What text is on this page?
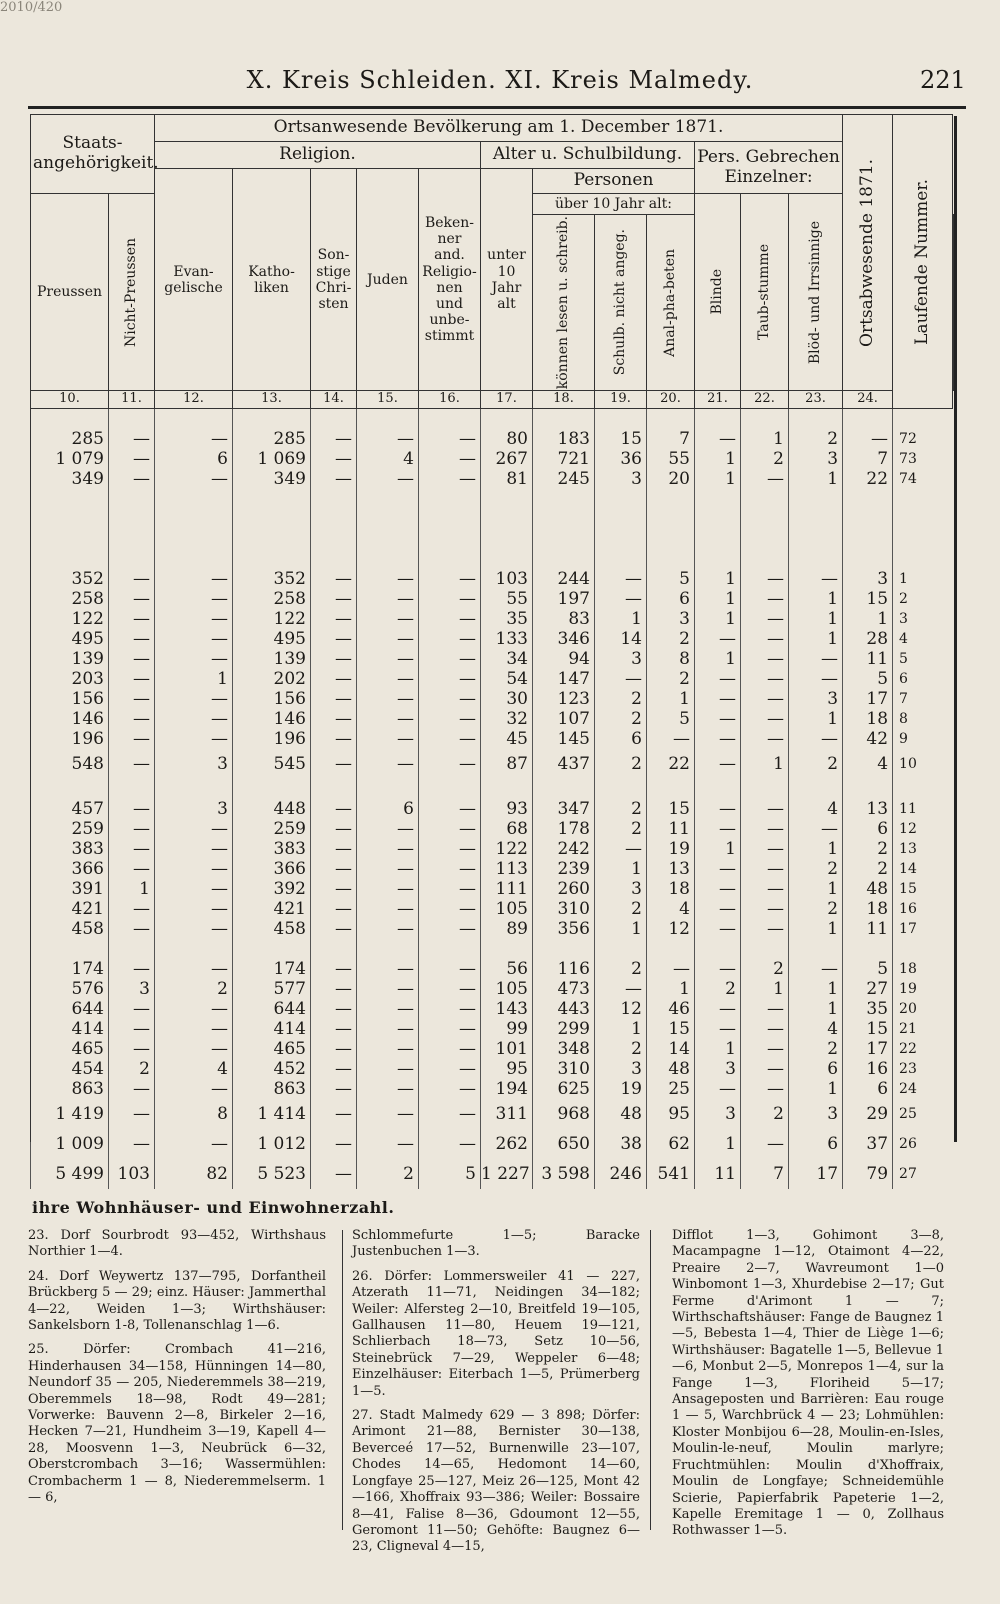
2010/420
X. Kreis Schleiden. XI. Kreis Malmedy.	221
Staats-angehörigkeit.		Ortsanwesende Bevölkerung am 1. December 1871.												Ortsabwesende 1871.	Laufende Nummer.	

		Religion.					Alter u. Schulbildung.				Pers. Gebrechen Einzelner:					
		Evan-gelische	Katho-liken	Son-stige Chri-sten	Juden	Beken-ner and. Religio-nen und unbe-stimmt	unter 10 Jahr alt	Personen								
Preussen	Nicht-Preussen							über 10 Jahr alt:			Blinde	Taub-stumme	Blöd- und Irrsinnige			

								können lesen u. schreib.	Schulb. nicht angeg.	Anal-pha-beten						

10.	11.	12.	13.	14.	15.	16.	17.	18.	19.	20.	21.	22.	23.	24.		

285	—	—	285	—	—	—	80	183	15	7	—	1	2	—	72	
1 079	—	6	1 069	—	4	—	267	721	36	55	1	2	3	7	73	
349	—	—	349	—	—	—	81	245	3	20	1	—	1	22	74	

352	—	—	352	—	—	—	103	244	—	5	1	—	—	3	1	
258	—	—	258	—	—	—	55	197	—	6	1	—	1	15	2	
122	—	—	122	—	—	—	35	83	1	3	1	—	1	1	3	
495	—	—	495	—	—	—	133	346	14	2	—	—	1	28	4	
139	—	—	139	—	—	—	34	94	3	8	1	—	—	11	5	
203	—	1	202	—	—	—	54	147	—	2	—	—	—	5	6	
156	—	—	156	—	—	—	30	123	2	1	—	—	3	17	7	
146	—	—	146	—	—	—	32	107	2	5	—	—	1	18	8	
196	—	—	196	—	—	—	45	145	6	—	—	—	—	42	9	
548	—	3	545	—	—	—	87	437	2	22	—	1	2	4	10	

457	—	3	448	—	6	—	93	347	2	15	—	—	4	13	11	
259	—	—	259	—	—	—	68	178	2	11	—	—	—	6	12	
383	—	—	383	—	—	—	122	242	—	19	1	—	1	2	13	
366	—	—	366	—	—	—	113	239	1	13	—	—	2	2	14	
391	1	—	392	—	—	—	111	260	3	18	—	—	1	48	15	
421	—	—	421	—	—	—	105	310	2	4	—	—	2	18	16	
458	—	—	458	—	—	—	89	356	1	12	—	—	1	11	17	

174	—	—	174	—	—	—	56	116	2	—	—	2	—	5	18	
576	3	2	577	—	—	—	105	473	—	1	2	1	1	27	19	
644	—	—	644	—	—	—	143	443	12	46	—	—	1	35	20	
414	—	—	414	—	—	—	99	299	1	15	—	—	4	15	21	
465	—	—	465	—	—	—	101	348	2	14	1	—	2	17	22	
454	2	4	452	—	—	—	95	310	3	48	3	—	6	16	23	
863	—	—	863	—	—	—	194	625	19	25	—	—	1	6	24	
1 419	—	8	1 414	—	—	—	311	968	48	95	3	2	3	29	25	
1 009	—	—	1 012	—	—	—	262	650	38	62	1	—	6	37	26	
5 499	103	82	5 523	—	2	5	1 227	3 598	246	541	11	7	17	79	27	
ihre Wohnhäuser- und Einwohnerzahl.

23. Dorf Sourbrodt 93—452, Wirthshaus Northier 1—4.

24. Dorf Weywertz 137—795, Dorfantheil Brückberg 5 — 29; einz. Häuser: Jammerthal 4—22, Weiden 1—3; Wirthshäuser: Sankelsborn 1-8, Tollenanschlag 1—6.

25. Dörfer: Crombach 41—216, Hinderhausen 34—158, Hünningen 14—80, Neundorf 35 — 205, Niederemmels 38—219, Oberemmels 18—98, Rodt 49—281; Vorwerke: Bauvenn 2—8, Birkeler 2—16, Hecken 7—21, Hundheim 3—19, Kapell 4—28, Moosvenn 1—3, Neubrück 6—32, Oberstcrombach 3—16; Wassermühlen: Crombacherm 1 — 8, Niederemmelserm. 1 — 6,

Schlommefurte 1—5; Baracke Justenbuchen 1—3.

26. Dörfer: Lommersweiler 41 — 227, Atzerath 11—71, Neidingen 34—182; Weiler: Alfersteg 2—10, Breitfeld 19—105, Gallhausen 11—80, Heuem 19—121, Schlierbach 18—73, Setz 10—56, Steinebrück 7—29, Weppeler 6—48; Einzelhäuser: Eiterbach 1—5, Prümerberg 1—5.

27. Stadt Malmedy 629 — 3 898; Dörfer: Arimont 21—88, Bernister 30—138, Beverceé 17—52, Burnenwille 23—107, Chodes 14—65, Hedomont 14—60, Longfaye 25—127, Meiz 26—125, Mont 42—166, Xhoffraix 93—386; Weiler: Bossaire 8—41, Falise 8—36, Gdoumont 12—55, Geromont 11—50; Gehöfte: Baugnez 6—23, Cligneval 4—15,

Difflot 1—3, Gohimont 3—8, Macampagne 1—12, Otaimont 4—22, Preaire 2—7, Wavreumont 1—0 Winbomont 1—3, Xhurdebise 2—17; Gut Ferme d'Arimont 1 — 7; Wirthschaftshäuser: Fange de Baugnez 1—5, Bebesta 1—4, Thier de Liège 1—6; Wirthshäuser: Bagatelle 1—5, Bellevue 1—6, Monbut 2—5, Monrepos 1—4, sur la Fange 1—3, Floriheid 5—17; Ansageposten und Barrièren: Eau rouge 1 — 5, Warchbrück 4 — 23; Lohmühlen: Kloster Monbijou 6—28, Moulin-en-Isles, Moulin-le-neuf, Moulin marlyre; Fruchtmühlen: Moulin d'Xhoffraix, Moulin de Longfaye; Schneidemühle Scierie, Papierfabrik Papeterie 1—2, Kapelle Eremitage 1 — 0, Zollhaus Rothwasser 1—5.
